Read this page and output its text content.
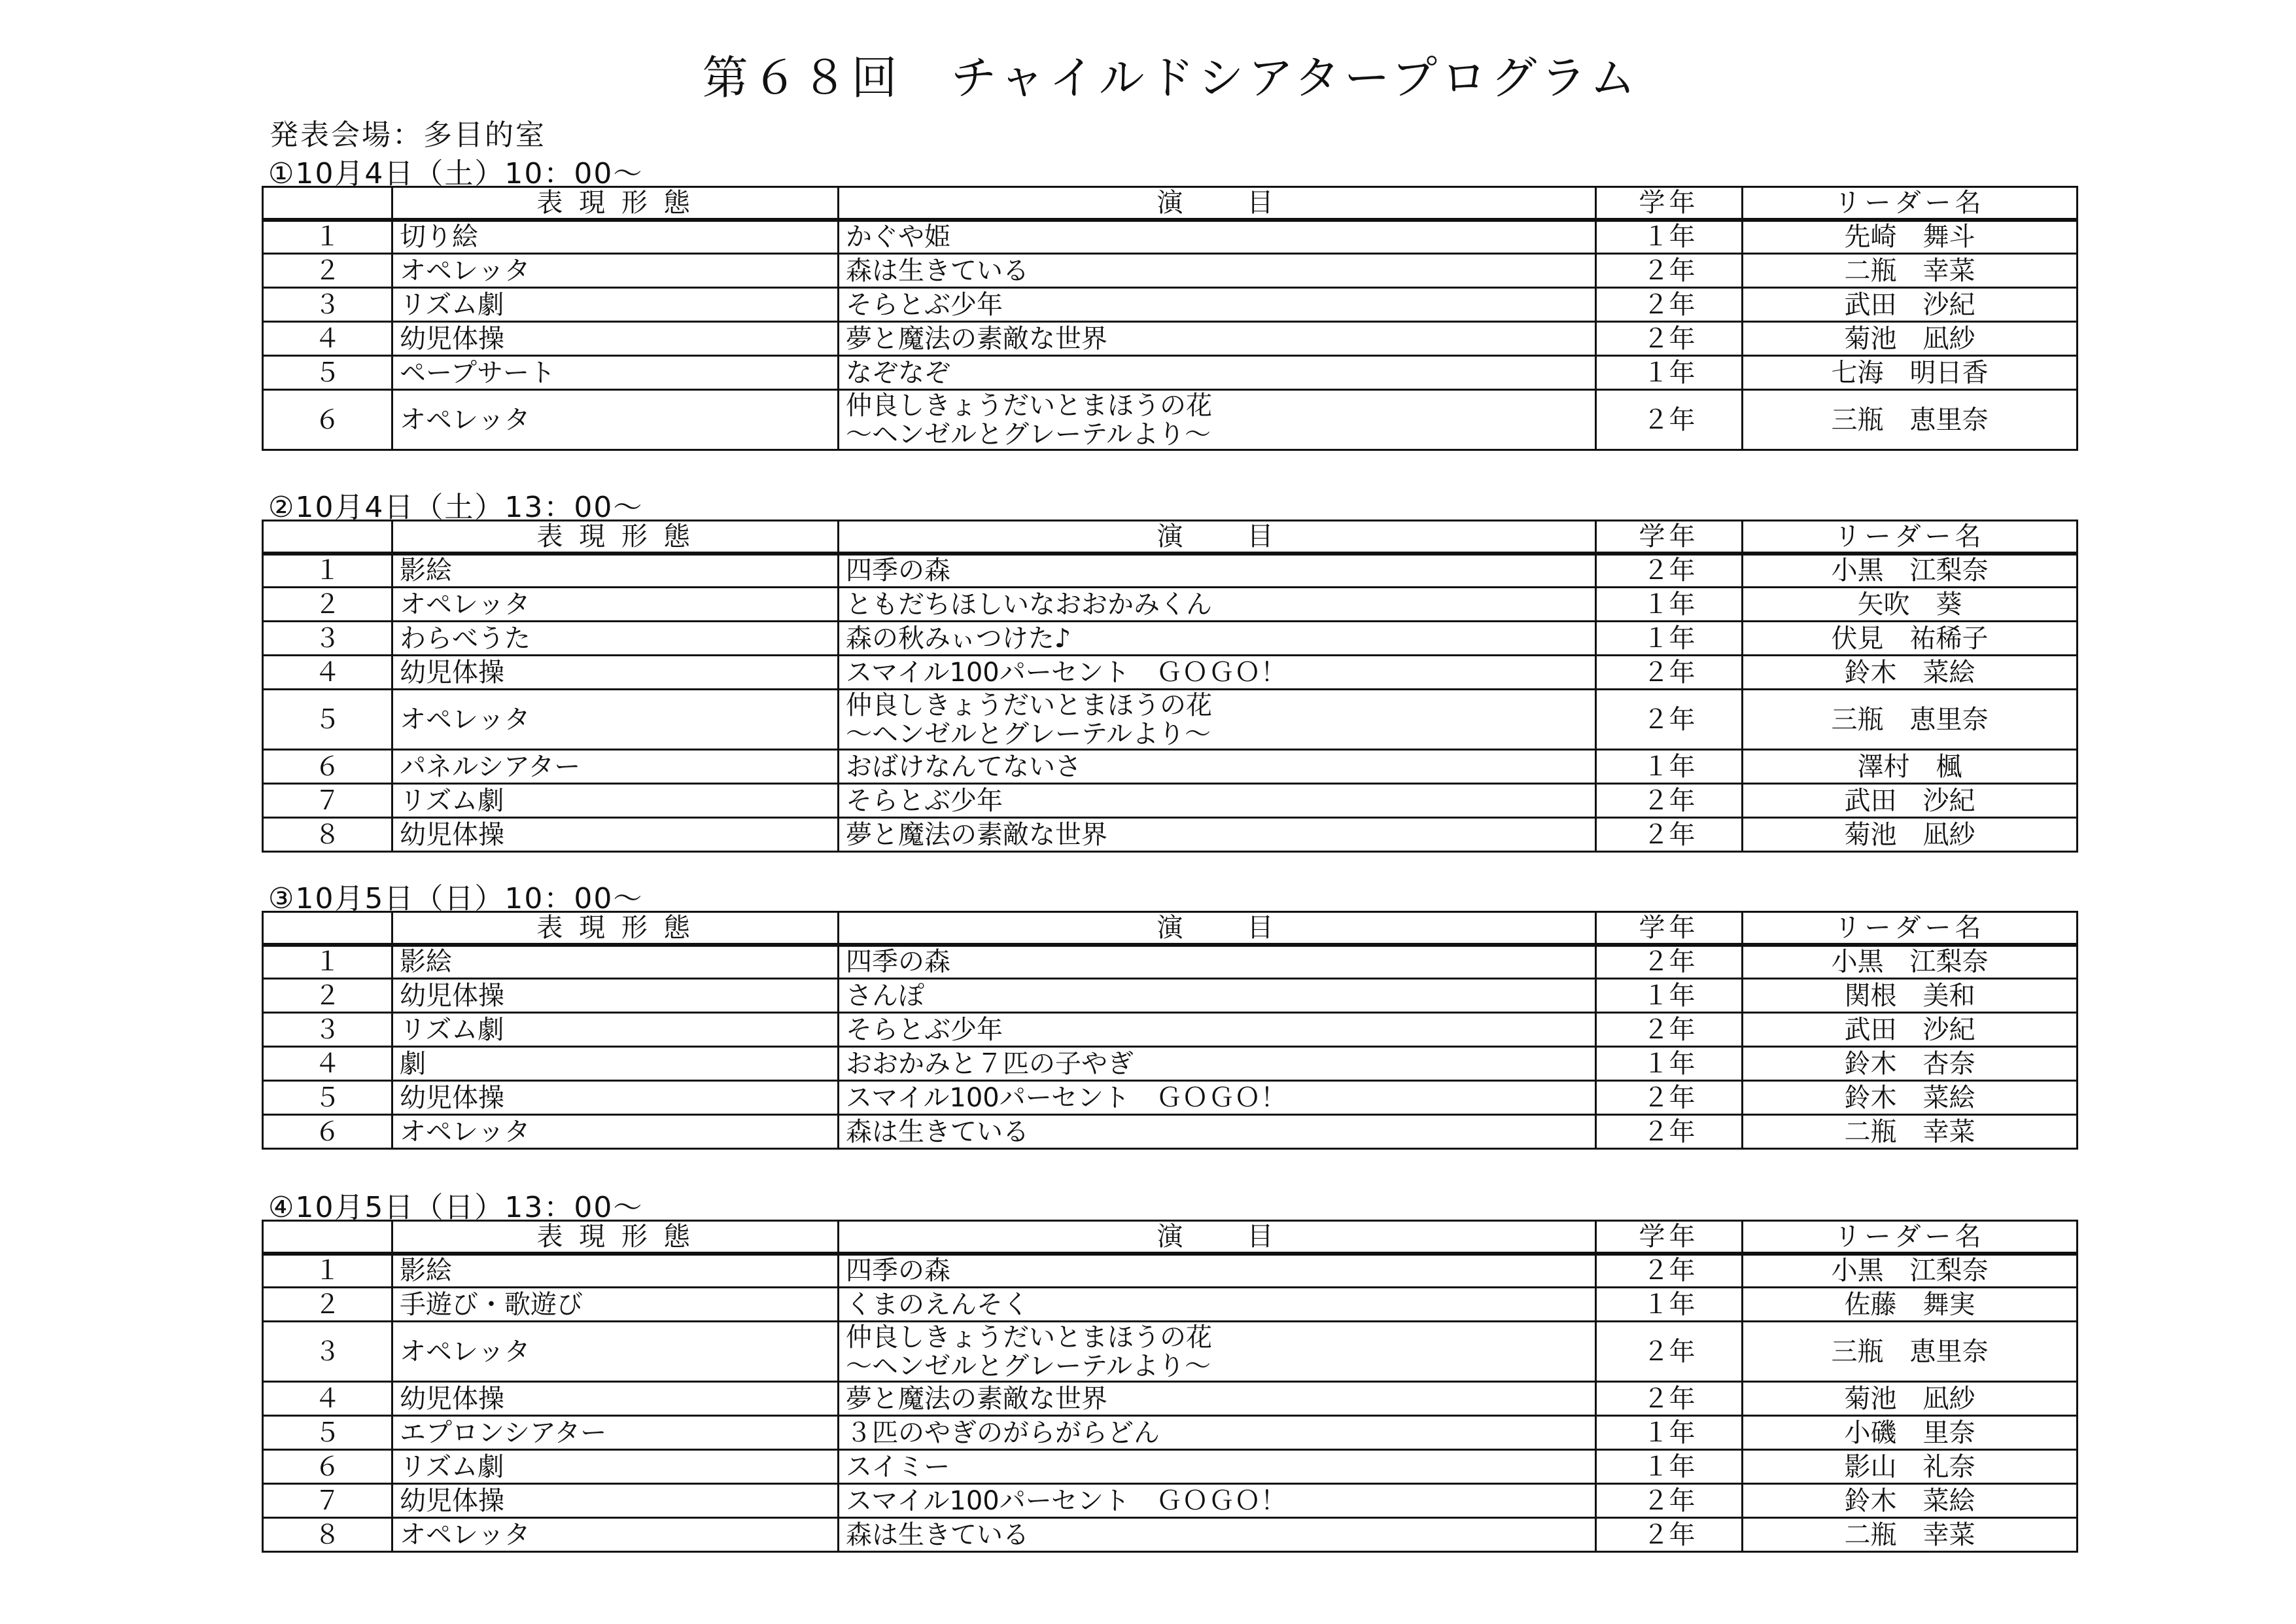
第６８回　チャイルドシアタープログラム
発表会場：多目的室
①10月4日（土）10：00～
	表 現 形 態	演　　目	学年	リーダー名
１	切り絵	かぐや姫	１年	先崎　舞斗
２	オペレッタ	森は生きている	２年	二瓶　幸菜
３	リズム劇	そらとぶ少年	２年	武田　沙紀
４	幼児体操	夢と魔法の素敵な世界	２年	菊池　凪紗
５	ペープサート	なぞなぞ	１年	七海　明日香
６	オペレッタ	仲良しきょうだいとまほうの花
～ヘンゼルとグレーテルより～	２年	三瓶　恵里奈
②10月4日（土）13：00～
	表 現 形 態	演　　目	学年	リーダー名
１	影絵	四季の森	２年	小黒　江梨奈
２	オペレッタ	ともだちほしいなおおかみくん	１年	矢吹　葵
３	わらべうた	森の秋みぃつけた♪	１年	伏見　祐稀子
４	幼児体操	スマイル100パーセント　ＧＯＧＯ！	２年	鈴木　菜絵
５	オペレッタ	仲良しきょうだいとまほうの花
～ヘンゼルとグレーテルより～	２年	三瓶　恵里奈
６	パネルシアター	おばけなんてないさ	１年	澤村　楓
７	リズム劇	そらとぶ少年	２年	武田　沙紀
８	幼児体操	夢と魔法の素敵な世界	２年	菊池　凪紗
③10月5日（日）10：00～
	表 現 形 態	演　　目	学年	リーダー名
１	影絵	四季の森	２年	小黒　江梨奈
２	幼児体操	さんぽ	１年	関根　美和
３	リズム劇	そらとぶ少年	２年	武田　沙紀
４	劇	おおかみと７匹の子やぎ	１年	鈴木　杏奈
５	幼児体操	スマイル100パーセント　ＧＯＧＯ！	２年	鈴木　菜絵
６	オペレッタ	森は生きている	２年	二瓶　幸菜
④10月5日（日）13：00～
	表 現 形 態	演　　目	学年	リーダー名
１	影絵	四季の森	２年	小黒　江梨奈
２	手遊び・歌遊び	くまのえんそく	１年	佐藤　舞実
３	オペレッタ	仲良しきょうだいとまほうの花
～ヘンゼルとグレーテルより～	２年	三瓶　恵里奈
４	幼児体操	夢と魔法の素敵な世界	２年	菊池　凪紗
５	エプロンシアター	３匹のやぎのがらがらどん	１年	小磯　里奈
６	リズム劇	スイミー	１年	影山　礼奈
７	幼児体操	スマイル100パーセント　ＧＯＧＯ！	２年	鈴木　菜絵
８	オペレッタ	森は生きている	２年	二瓶　幸菜
